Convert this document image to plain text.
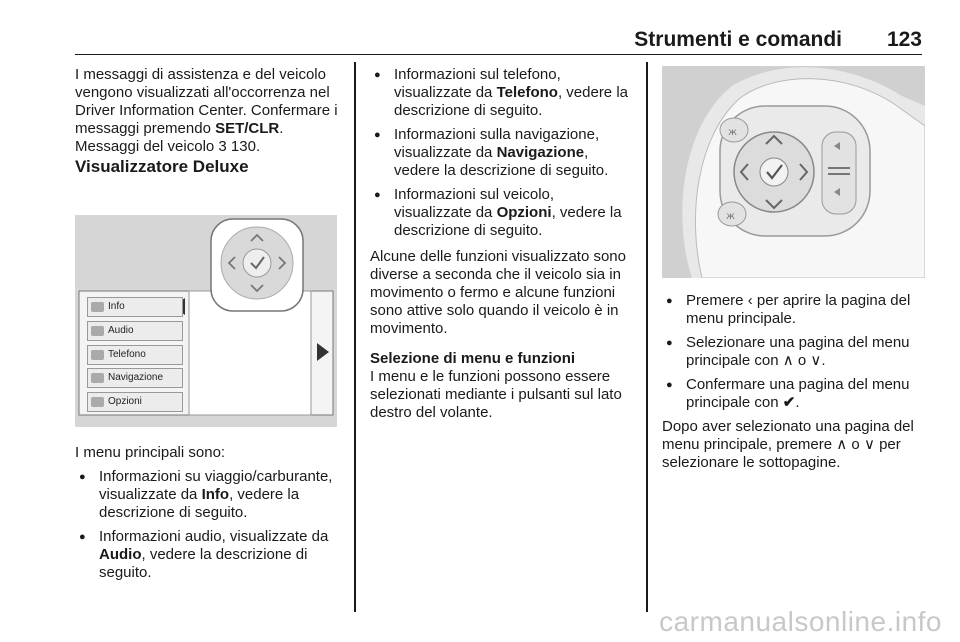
Strumenti e comandi 123

I messaggi di assistenza e del veicolo vengono visualizzati all'occorrenza nel Driver Information Center. Confermare i messaggi premendo SET/CLR. Messaggi del veicolo 3 130.

Visualizzatore Deluxe

Info
Audio
Telefono
Navigazione
Opzioni

I menu principali sono:

● Informazioni su viaggio/carburante, visualizzate da Info, vedere la descrizione di seguito.
● Informazioni audio, visualizzate da Audio, vedere la descrizione di seguito.
● Informazioni sul telefono, visualizzate da Telefono, vedere la descrizione di seguito.
● Informazioni sulla navigazione, visualizzate da Navigazione, vedere la descrizione di seguito.
● Informazioni sul veicolo, visualizzate da Opzioni, vedere la descrizione di seguito.

Alcune delle funzioni visualizzato sono diverse a seconda che il veicolo sia in movimento o fermo e alcune funzioni sono attive solo quando il veicolo è in movimento.

Selezione di menu e funzioni

I menu e le funzioni possono essere selezionati mediante i pulsanti sul lato destro del volante.

ж
ж
● Premere ‹ per aprire la pagina del menu principale.
● Selezionare una pagina del menu principale con ∧ o ∨.
● Confermare una pagina del menu principale con ✔.

Dopo aver selezionato una pagina del menu principale, premere ∧ o ∨ per selezionare le sottopagine.

carmanualsonline.info
